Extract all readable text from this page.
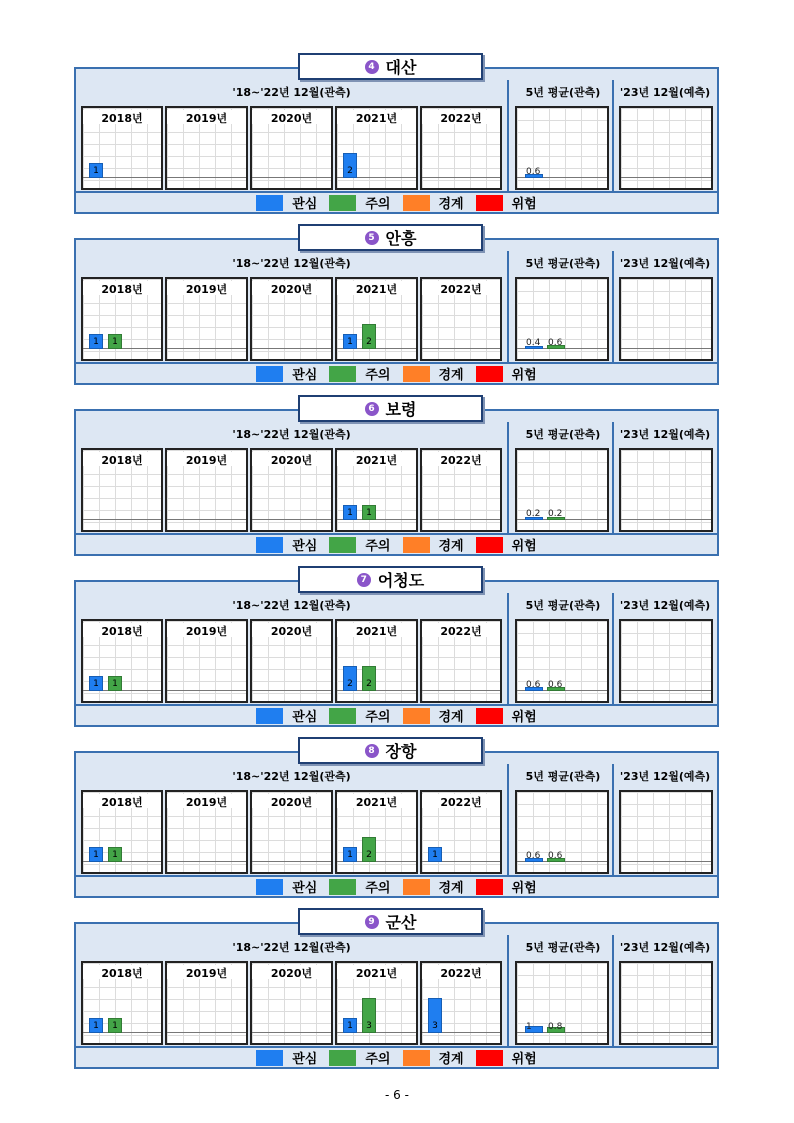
4 대산
'18~'22년 12월(관측)	5년 평균(관측)	'23년 12월(예측)
2018년
1
2019년	2020년	2021년
2
2022년
0.6
관심	주의	경계	위험
5 안흥
'18~'22년 12월(관측)	5년 평균(관측)	'23년 12월(예측)
2018년
1 1
2019년	2020년	2021년
1 2
2022년
0.4 0.6
관심	주의	경계	위험
6 보령
'18~'22년 12월(관측)	5년 평균(관측)	'23년 12월(예측)
2018년	2019년	2020년	2021년
1 1
2022년
0.2 0.2
관심	주의	경계	위험
7 어청도
'18~'22년 12월(관측)	5년 평균(관측)	'23년 12월(예측)
2018년
1 1
2019년	2020년	2021년
2 2
2022년
0.6 0.6
관심	주의	경계	위험
8 장항
'18~'22년 12월(관측)	5년 평균(관측)	'23년 12월(예측)
2018년
1 1
2019년	2020년	2021년
1 2
2022년
1	0.6 0.6
관심	주의	경계	위험
9 군산
'18~'22년 12월(관측)	5년 평균(관측)	'23년 12월(예측)
2018년
1 1
2019년	2020년	2021년
1 3
2022년
3	1 0.8
관심	주의	경계	위험
- 6 -
